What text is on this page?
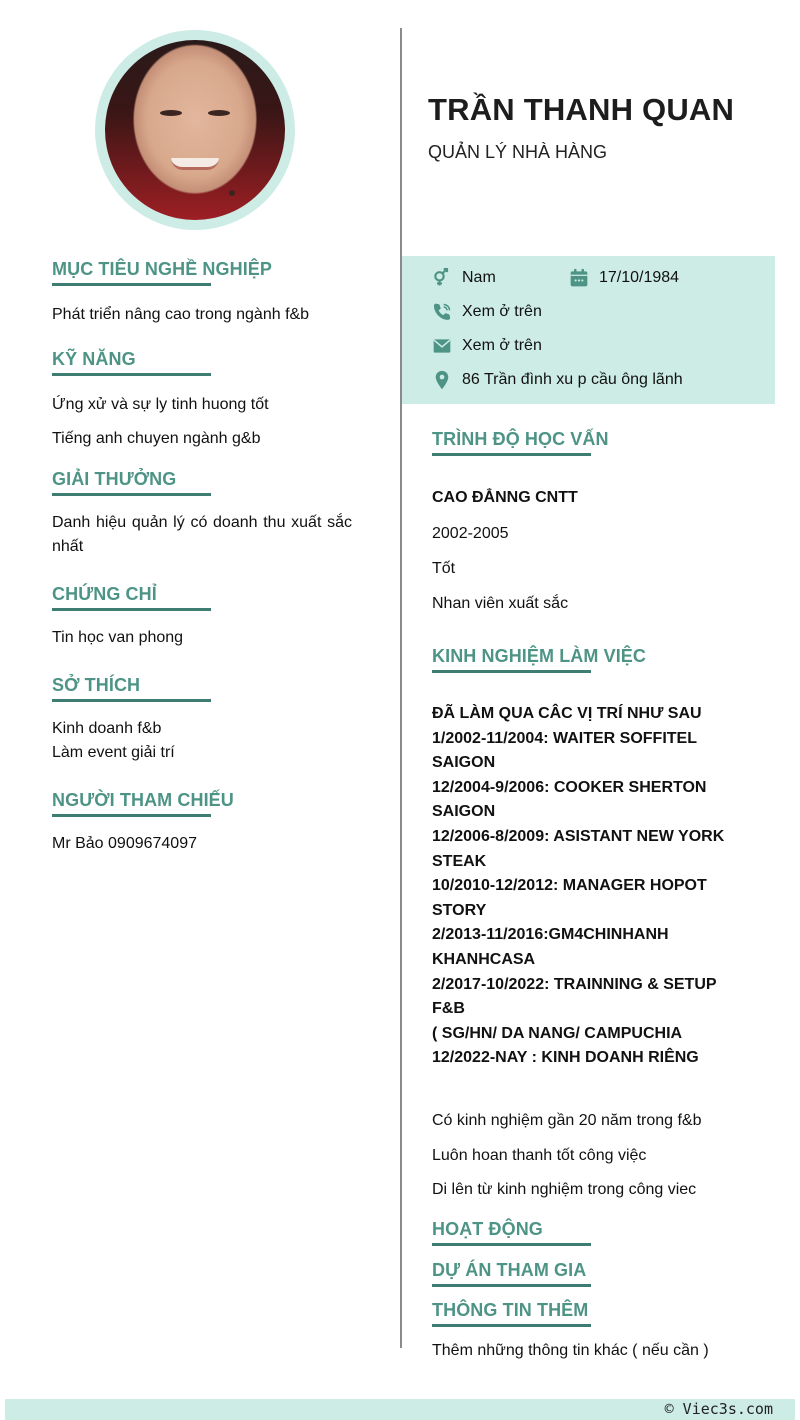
MỤC TIÊU NGHỀ NGHIỆP
Phát triển nâng cao trong ngành f&b
KỸ NĂNG
Ứng xử và sự ly tinh huong tốt
Tiếng anh chuyen ngành g&b
GIẢI THƯỞNG
Danh hiệu quản lý có doanh thu xuất sắc nhất
CHỨNG CHỈ
Tin học van phong
SỞ THÍCH
Kinh doanh f&b
Làm event giải trí
NGƯỜI THAM CHIẾU
Mr Bảo 0909674097
TRẦN THANH QUAN
QUẢN LÝ NHÀ HÀNG
Nam	17/10/1984
Xem ở trên
Xem ở trên
86 Trần đình xu p cầu ông lãnh
TRÌNH ĐỘ HỌC VẤN
CAO ĐẲNNG CNTT
2002-2005
Tốt
Nhan viên xuất sắc
KINH NGHIỆM LÀM VIỆC
ĐÃ LÀM QUA CÂC VỊ TRÍ NHƯ SAU
1/2002-11/2004: WAITER SOFFITEL SAIGON
12/2004-9/2006: COOKER SHERTON SAIGON
12/2006-8/2009: ASISTANT NEW YORK STEAK
10/2010-12/2012: MANAGER HOPOT STORY
2/2013-11/2016:GM4CHINHANH KHANHCASA
2/2017-10/2022: TRAINNING & SETUP F&B
( SG/HN/ DA NANG/ CAMPUCHIA
12/2022-NAY : KINH DOANH RIÊNG
Có kinh nghiệm gần 20 năm trong f&b
Luôn hoan thanh tốt công việc
Di lên từ kinh nghiệm trong công viec
HOẠT ĐỘNG
DỰ ÁN THAM GIA
THÔNG TIN THÊM
Thêm những thông tin khác ( nếu cần )
© Viec3s.com
